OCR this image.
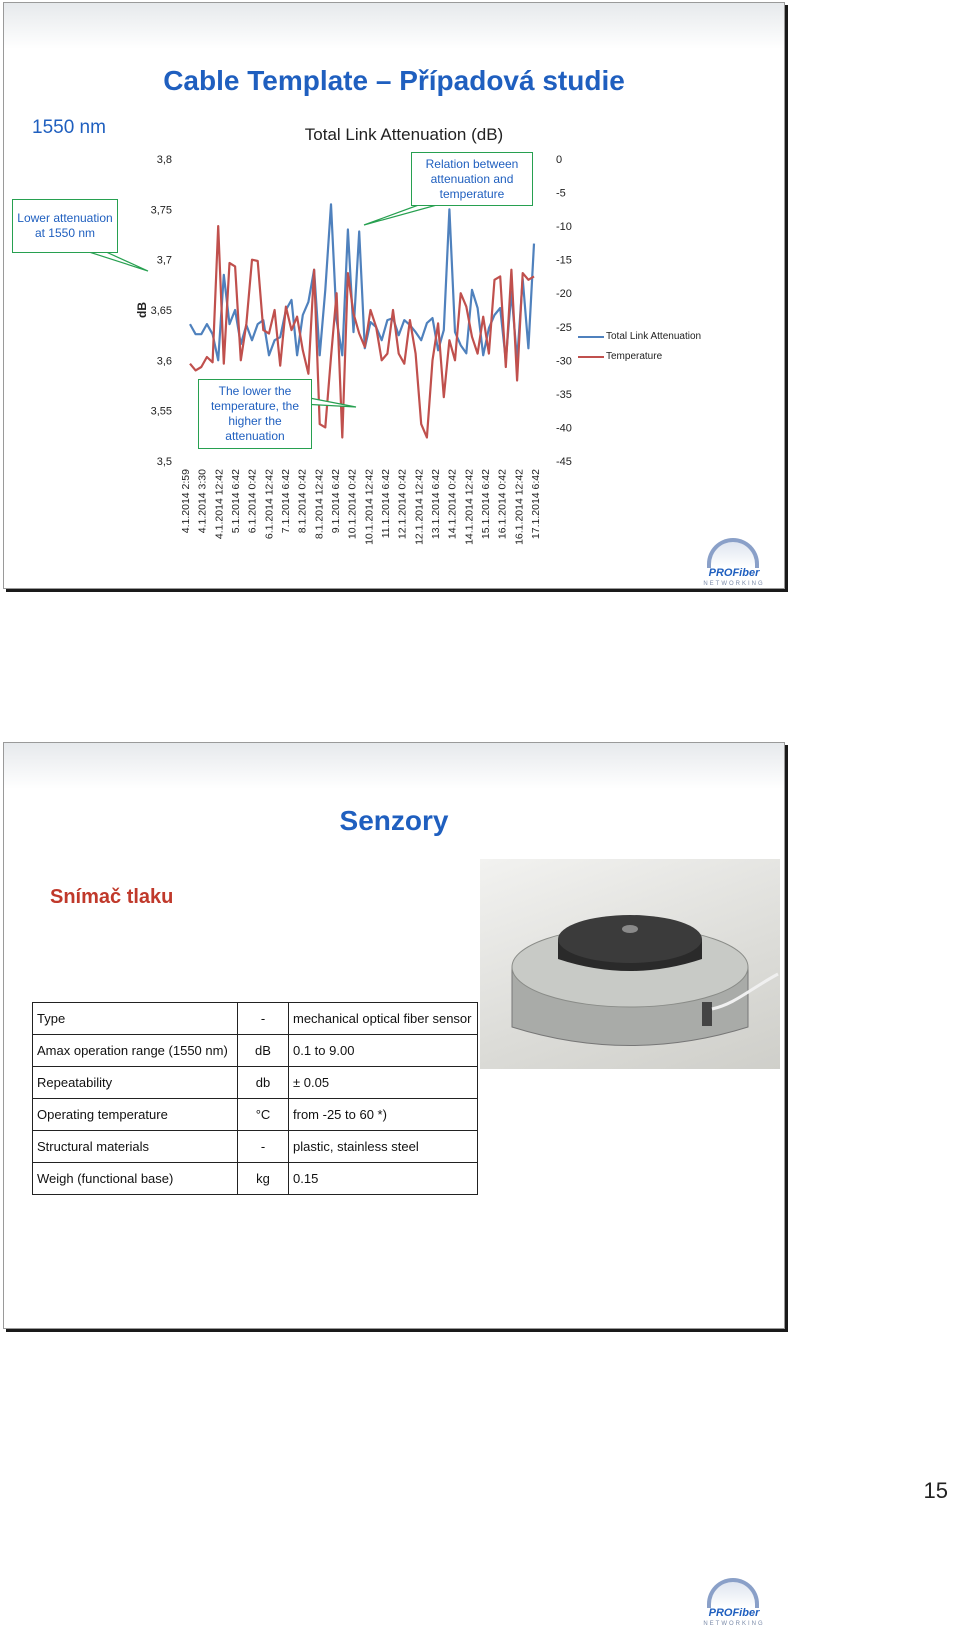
Cable Template – Případová studie
1550 nm	Total Link Attenuation (dB)
3,8
3,75
3,7
3,65
3,6
3,55
3,5
0
-5
-10
-15
-20
-25
-30
-35
-40
-45
dB
4.1.2014 2:59 4.1.2014 3:30 4.1.2014 12:42 5.1.2014 6:42 6.1.2014 0:42 6.1.2014 12:42 7.1.2014 6:42 8.1.2014 0:42 8.1.2014 12:42 9.1.2014 6:42 10.1.2014 0:42 10.1.2014 12:42 11.1.2014 6:42 12.1.2014 0:42 12.1.2014 12:42 13.1.2014 6:42 14.1.2014 0:42 14.1.2014 12:42 15.1.2014 6:42 16.1.2014 0:42 16.1.2014 12:42 17.1.2014 6:42
Lower attenuation at 1550 nm
Relation between attenuation and temperature
The lower the temperature, the higher the attenuation
Total Link Attenuation
Temperature
PROFiber
NETWORKING
Senzory
Snímač tlaku
Type	-	mechanical optical fiber sensor
Amax operation range (1550 nm)	dB	0.1 to 9.00
Repeatability	db	± 0.05
Operating temperature	°C	from -25 to 60 *)
Structural materials	-	plastic, stainless steel
Weigh (functional base)	kg	0.15
PROFiber
NETWORKING
15
